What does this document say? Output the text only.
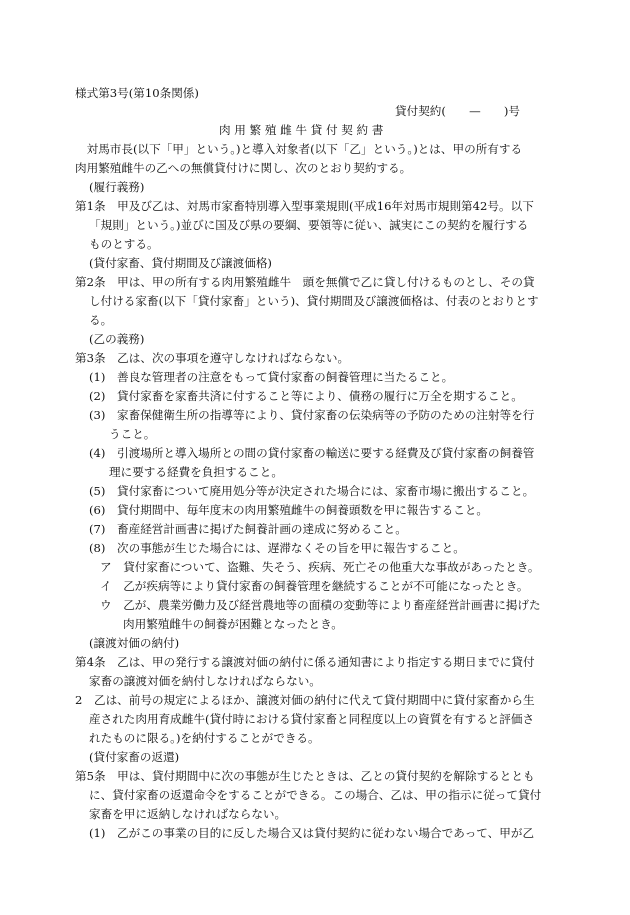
様式第3号(第10条関係)
貸付契約(　　—　　)号
肉 用 繁 殖 雌 牛 貸 付 契 約 書
　対馬市長(以下「甲」という。)と導入対象者(以下「乙」という。)とは、甲の所有する
肉用繁殖雌牛の乙への無償貸付けに関し、次のとおり契約する。
(履行義務)
第1条　甲及び乙は、対馬市家畜特別導入型事業規則(平成16年対馬市規則第42号。以下
「規則」という。)並びに国及び県の要綱、要領等に従い、誠実にこの契約を履行する
ものとする。
(貸付家畜、貸付期間及び譲渡価格)
第2条　甲は、甲の所有する肉用繁殖雌牛　頭を無償で乙に貸し付けるものとし、その貸
し付ける家畜(以下「貸付家畜」という)、貸付期間及び譲渡価格は、付表のとおりとす
る。
(乙の義務)
第3条　乙は、次の事項を遵守しなければならない。
(1)　善良な管理者の注意をもって貸付家畜の飼養管理に当たること。
(2)　貸付家畜を家畜共済に付すること等により、債務の履行に万全を期すること。
(3)　家畜保健衛生所の指導等により、貸付家畜の伝染病等の予防のための注射等を行
うこと。
(4)　引渡場所と導入場所との間の貸付家畜の輸送に要する経費及び貸付家畜の飼養管
理に要する経費を負担すること。
(5)　貸付家畜について廃用処分等が決定された場合には、家畜市場に搬出すること。
(6)　貸付期間中、毎年度末の肉用繁殖雌牛の飼養頭数を甲に報告すること。
(7)　畜産経営計画書に掲げた飼養計画の達成に努めること。
(8)　次の事態が生じた場合には、遅滞なくその旨を甲に報告すること。
ア　貸付家畜について、盗難、失そう、疾病、死亡その他重大な事故があったとき。
イ　乙が疾病等により貸付家畜の飼養管理を継続することが不可能になったとき。
ウ　乙が、農業労働力及び経営農地等の面積の変動等により畜産経営計画書に掲げた
肉用繁殖雌牛の飼養が困難となったとき。
(譲渡対価の納付)
第4条　乙は、甲の発行する譲渡対価の納付に係る通知書により指定する期日までに貸付
家畜の譲渡対価を納付しなければならない。
2　乙は、前号の規定によるほか、譲渡対価の納付に代えて貸付期間中に貸付家畜から生
産された肉用育成雌牛(貸付時における貸付家畜と同程度以上の資質を有すると評価さ
れたものに限る。)を納付することができる。
(貸付家畜の返還)
第5条　甲は、貸付期間中に次の事態が生じたときは、乙との貸付契約を解除するととも
に、貸付家畜の返還命令をすることができる。この場合、乙は、甲の指示に従って貸付
家畜を甲に返納しなければならない。
(1)　乙がこの事業の目的に反した場合又は貸付契約に従わない場合であって、甲が乙
